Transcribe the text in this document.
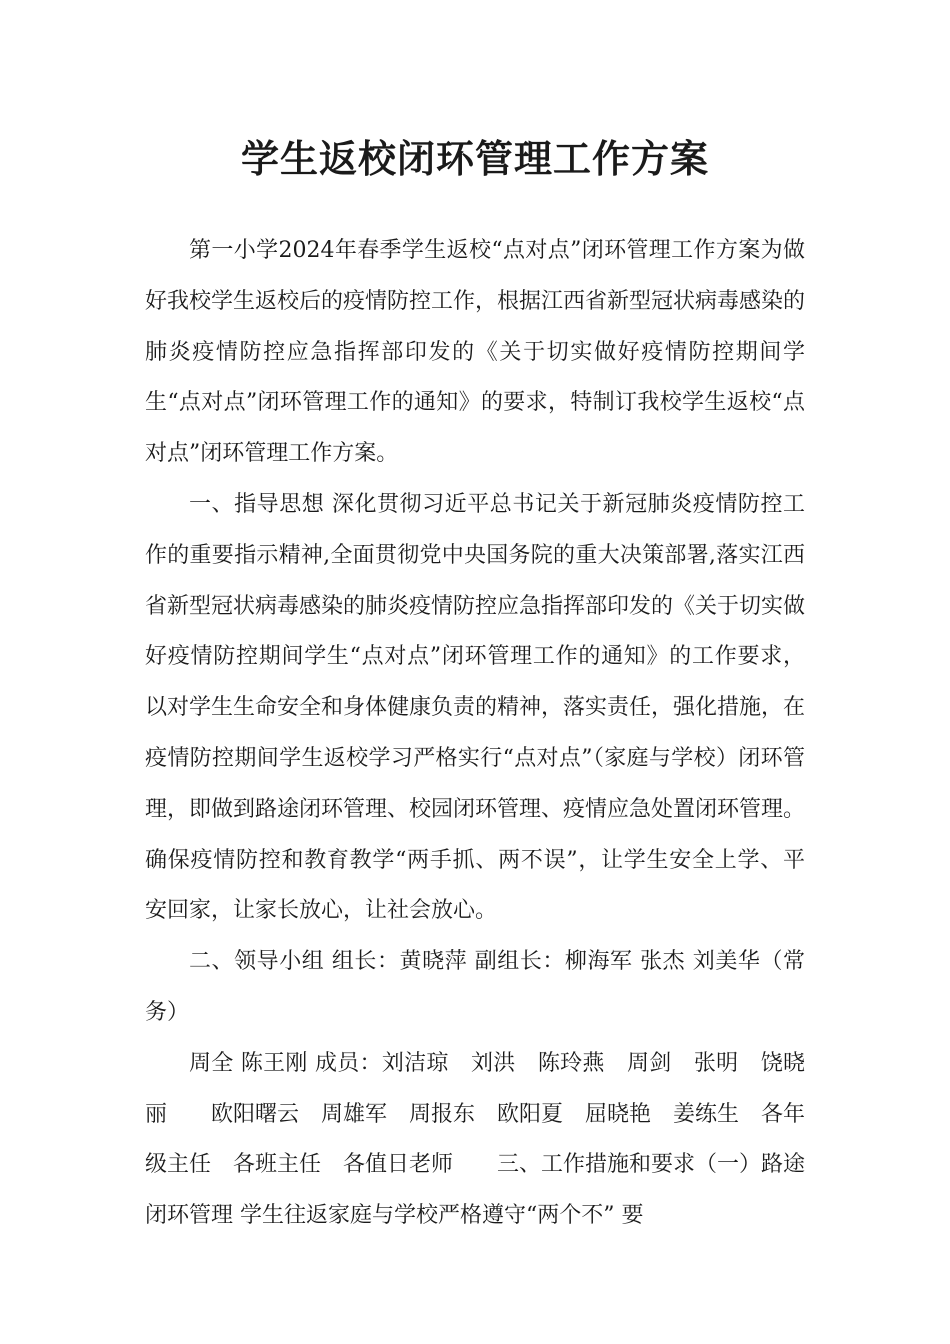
学生返校闭环管理工作方案

第一小学2024年春季学生返校“点对点”闭环管理工作方案为做好我校学生返校后的疫情防控工作，根据江西省新型冠状病毒感染的肺炎疫情防控应急指挥部印发的《关于切实做好疫情防控期间学生“点对点”闭环管理工作的通知》的要求，特制订我校学生返校“点对点”闭环管理工作方案。

一、指导思想 深化贯彻习近平总书记关于新冠肺炎疫情防控工作的重要指示精神,全面贯彻党中央国务院的重大决策部署,落实江西省新型冠状病毒感染的肺炎疫情防控应急指挥部印发的《关于切实做好疫情防控期间学生“点对点”闭环管理工作的通知》的工作要求，以对学生生命安全和身体健康负责的精神，落实责任，强化措施，在疫情防控期间学生返校学习严格实行“点对点”（家庭与学校）闭环管理，即做到路途闭环管理、校园闭环管理、疫情应急处置闭环管理。确保疫情防控和教育教学“两手抓、两不误”，让学生安全上学、平安回家，让家长放心，让社会放心。

二、领导小组 组长：黄晓萍 副组长：柳海军 张杰 刘美华（常务）

周全 陈王刚 成员：刘洁琼　刘洪　陈玲燕　周剑　张明　饶晓丽　　欧阳曙云　周雄军　周报东　欧阳夏　屈晓艳　姜练生　各年级主任　各班主任　各值日老师　　三、工作措施和要求（一）路途闭环管理 学生往返家庭与学校严格遵守“两个不” 要
